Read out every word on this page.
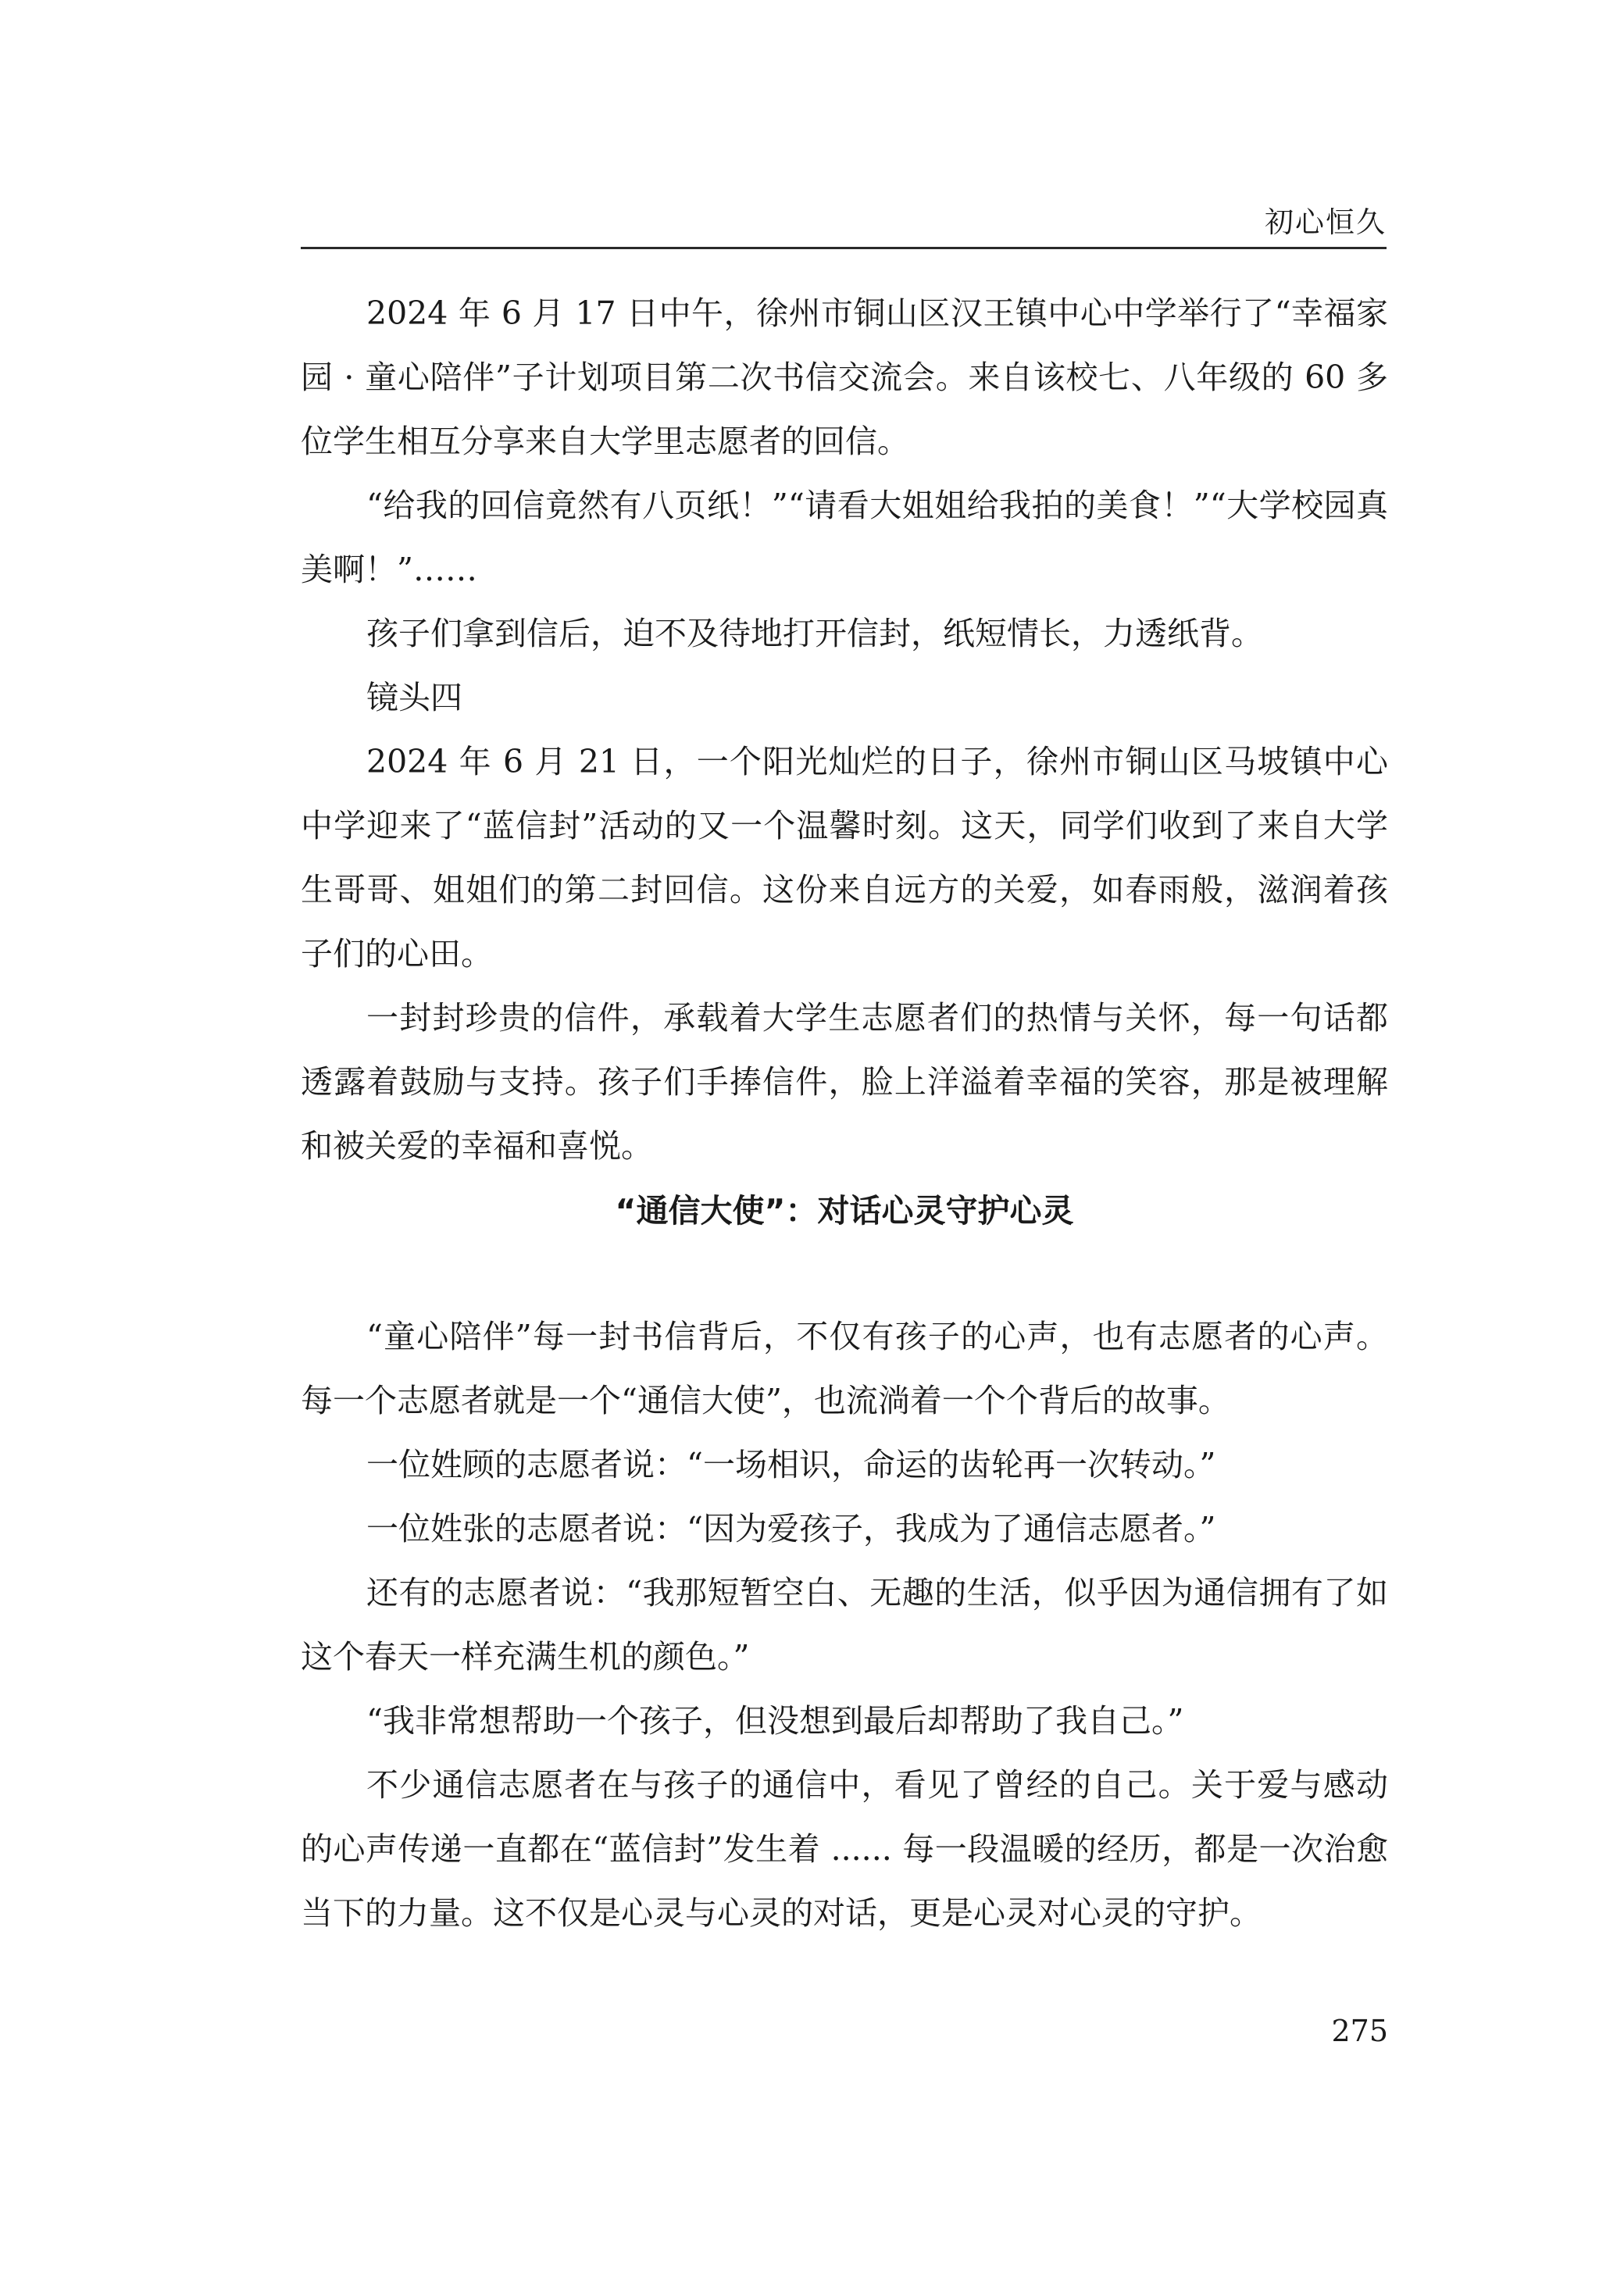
初心恒久

2024 年 6 月 17 日中午，徐州市铜山区汉王镇中心中学举行了“幸福家园 · 童心陪伴”子计划项目第二次书信交流会。来自该校七、八年级的 60 多位学生相互分享来自大学里志愿者的回信。

“给我的回信竟然有八页纸！”“请看大姐姐给我拍的美食！”“大学校园真美啊！”……

孩子们拿到信后，迫不及待地打开信封，纸短情长，力透纸背。

镜头四

2024 年 6 月 21 日，一个阳光灿烂的日子，徐州市铜山区马坡镇中心中学迎来了“蓝信封”活动的又一个温馨时刻。这天，同学们收到了来自大学生哥哥、姐姐们的第二封回信。这份来自远方的关爱，如春雨般，滋润着孩子们的心田。

一封封珍贵的信件，承载着大学生志愿者们的热情与关怀，每一句话都透露着鼓励与支持。孩子们手捧信件，脸上洋溢着幸福的笑容，那是被理解和被关爱的幸福和喜悦。

“通信大使”：对话心灵守护心灵

“童心陪伴”每一封书信背后，不仅有孩子的心声，也有志愿者的心声。每一个志愿者就是一个“通信大使”，也流淌着一个个背后的故事。

一位姓顾的志愿者说：“一场相识，命运的齿轮再一次转动。”

一位姓张的志愿者说：“因为爱孩子，我成为了通信志愿者。”

还有的志愿者说：“我那短暂空白、无趣的生活，似乎因为通信拥有了如这个春天一样充满生机的颜色。”

“我非常想帮助一个孩子，但没想到最后却帮助了我自己。”

不少通信志愿者在与孩子的通信中，看见了曾经的自己。关于爱与感动的心声传递一直都在“蓝信封”发生着 ...... 每一段温暖的经历，都是一次治愈当下的力量。这不仅是心灵与心灵的对话，更是心灵对心灵的守护。

275
